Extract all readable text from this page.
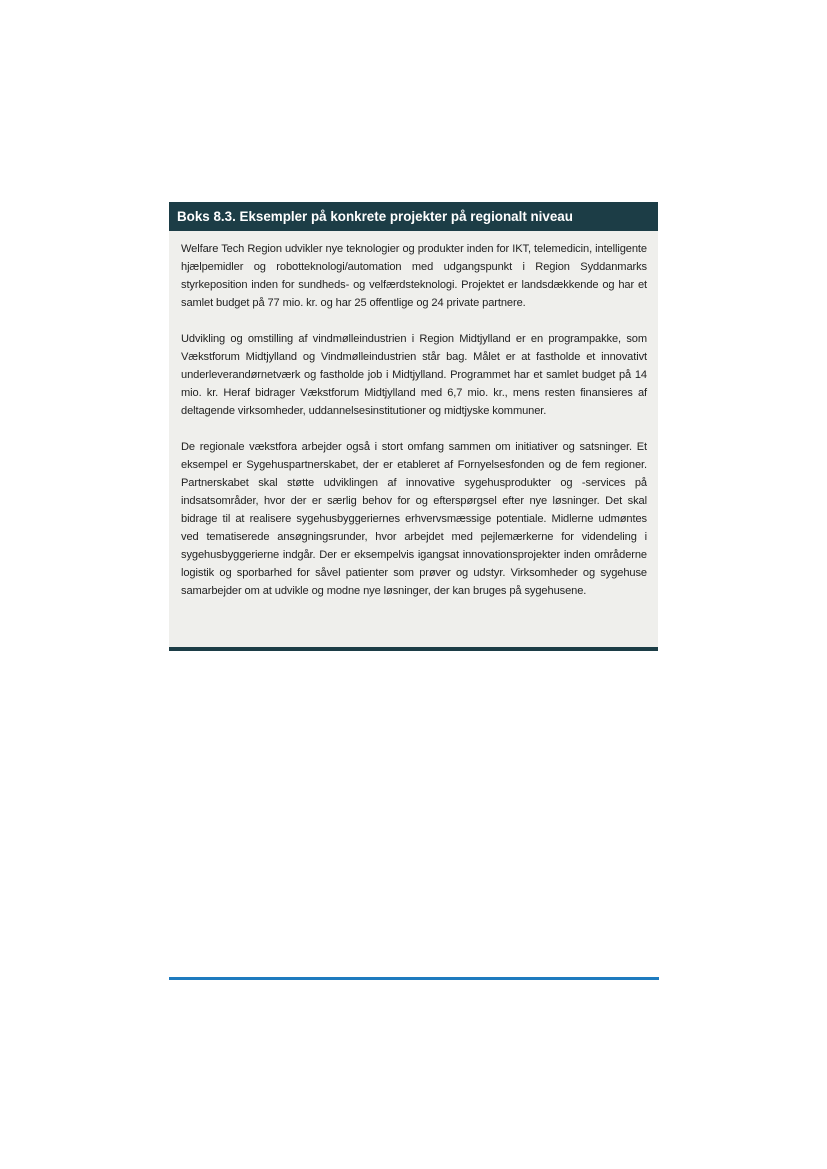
Boks 8.3. Eksempler på konkrete projekter på regionalt niveau

Welfare Tech Region udvikler nye teknologier og produkter inden for IKT, telemedicin, intelligente hjælpemidler og robotteknologi/automation med udgangspunkt i Region Syddanmarks styrkeposition inden for sundheds- og velfærdsteknologi. Projektet er landsdækkende og har et samlet budget på 77 mio. kr. og har 25 offentlige og 24 private partnere.

Udvikling og omstilling af vindmølleindustrien i Region Midtjylland er en programpakke, som Vækstforum Midtjylland og Vindmølleindustrien står bag. Målet er at fastholde et innovativt underleverandørnetværk og fastholde job i Midtjylland. Programmet har et samlet budget på 14 mio. kr. Heraf bidrager Vækstforum Midtjylland med 6,7 mio. kr., mens resten finansieres af deltagende virksomheder, uddannelsesinstitutioner og midtjyske kommuner.

De regionale vækstfora arbejder også i stort omfang sammen om initiativer og satsninger. Et eksempel er Sygehuspartnerskabet, der er etableret af Fornyelsesfonden og de fem regioner. Partnerskabet skal støtte udviklingen af innovative sygehusprodukter og -services på indsatsområder, hvor der er særlig behov for og efterspørgsel efter nye løsninger. Det skal bidrage til at realisere sygehusbyggeriernes erhvervsmæssige potentiale. Midlerne udmøntes ved tematiserede ansøgningsrunder, hvor arbejdet med pejlemærkerne for videndeling i sygehusbyggerierne indgår. Der er eksempelvis igangsat innovationsprojekter inden områderne logistik og sporbarhed for såvel patienter som prøver og udstyr. Virksomheder og sygehuse samarbejder om at udvikle og modne nye løsninger, der kan bruges på sygehusene.
